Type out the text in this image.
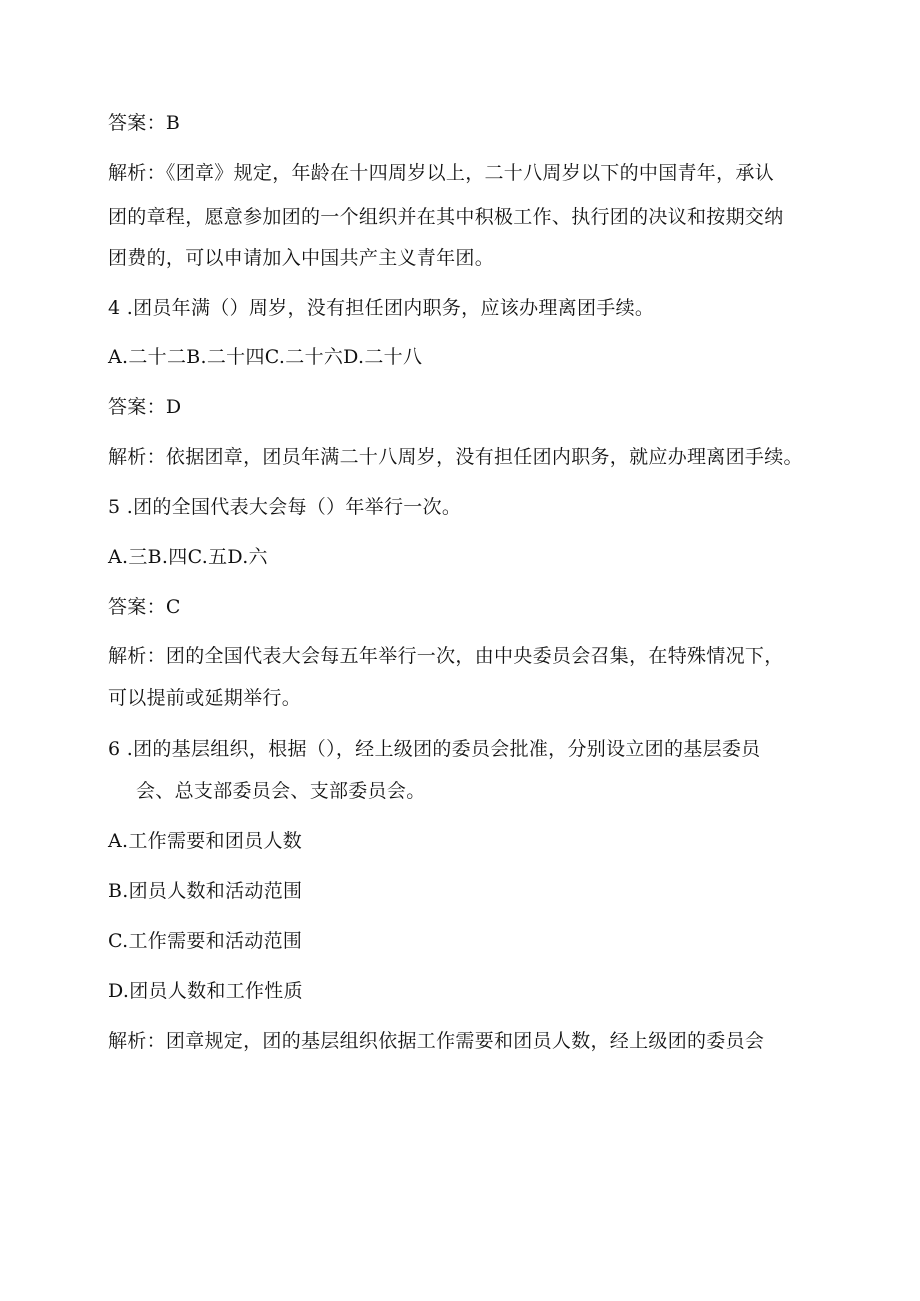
答案：B
解析：《团章》规定，年龄在十四周岁以上，二十八周岁以下的中国青年，承认
团的章程，愿意参加团的一个组织并在其中积极工作、执行团的决议和按期交纳
团费的，可以申请加入中国共产主义青年团。
4 .团员年满（）周岁，没有担任团内职务，应该办理离团手续。
A.二十二B.二十四C.二十六D.二十八
答案：D
解析：依据团章，团员年满二十八周岁，没有担任团内职务，就应办理离团手续。
5 .团的全国代表大会每（）年举行一次。
A.三B.四C.五D.六
答案：C
解析：团的全国代表大会每五年举行一次，由中央委员会召集，在特殊情况下，
可以提前或延期举行。
6 .团的基层组织，根据（），经上级团的委员会批准，分别设立团的基层委员
会、总支部委员会、支部委员会。
A.工作需要和团员人数
B.团员人数和活动范围
C.工作需要和活动范围
D.团员人数和工作性质
解析：团章规定，团的基层组织依据工作需要和团员人数，经上级团的委员会
